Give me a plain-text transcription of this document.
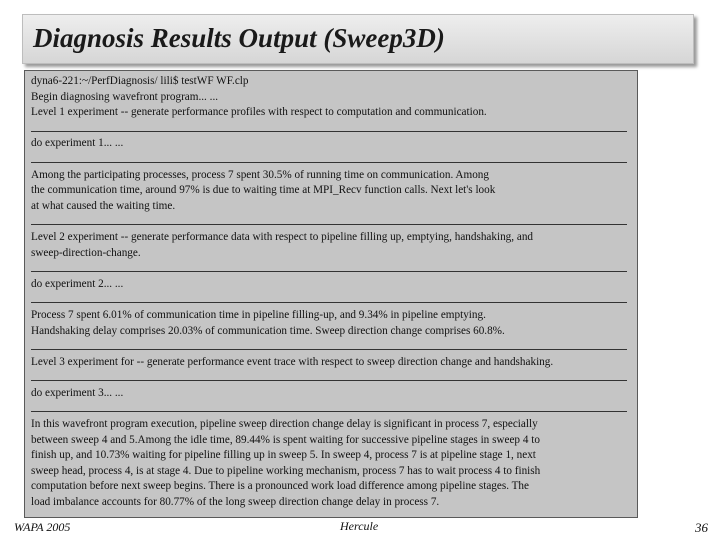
Diagnosis Results Output (Sweep3D)
dyna6-221:~/PerfDiagnosis/ lili$ testWF WF.clp
Begin diagnosing wavefront program... ...
Level 1 experiment -- generate performance profiles with respect to computation and communication.
do experiment 1... ...
Among the participating processes, process 7 spent 30.5% of running time on communication. Among
the communication time, around 97% is due to waiting time at MPI_Recv function calls. Next let's look
at what caused the waiting time.
Level 2 experiment -- generate performance data with respect to pipeline filling up, emptying, handshaking, and
sweep-direction-change.
do experiment 2... ...
Process 7 spent 6.01% of communication time in pipeline filling-up, and 9.34% in pipeline emptying.
Handshaking delay comprises 20.03% of communication time. Sweep direction change comprises 60.8%.
Level 3 experiment for -- generate performance event trace with respect to sweep direction change and handshaking.
do experiment 3... ...
In this wavefront program execution, pipeline sweep direction change delay is significant in process 7, especially
between sweep 4 and 5.Among the idle time, 89.44% is spent waiting for successive pipeline stages in sweep 4 to
finish up, and 10.73% waiting for pipeline filling up in sweep 5. In sweep 4, process 7 is at pipeline stage 1, next
sweep head, process 4, is at stage 4. Due to pipeline working mechanism, process 7 has to wait process 4 to finish
computation before next sweep begins. There is a pronounced work load difference among pipeline stages. The
load imbalance accounts for 80.77% of the long sweep direction change delay in process 7.
WAPA 2005	Hercule	36
